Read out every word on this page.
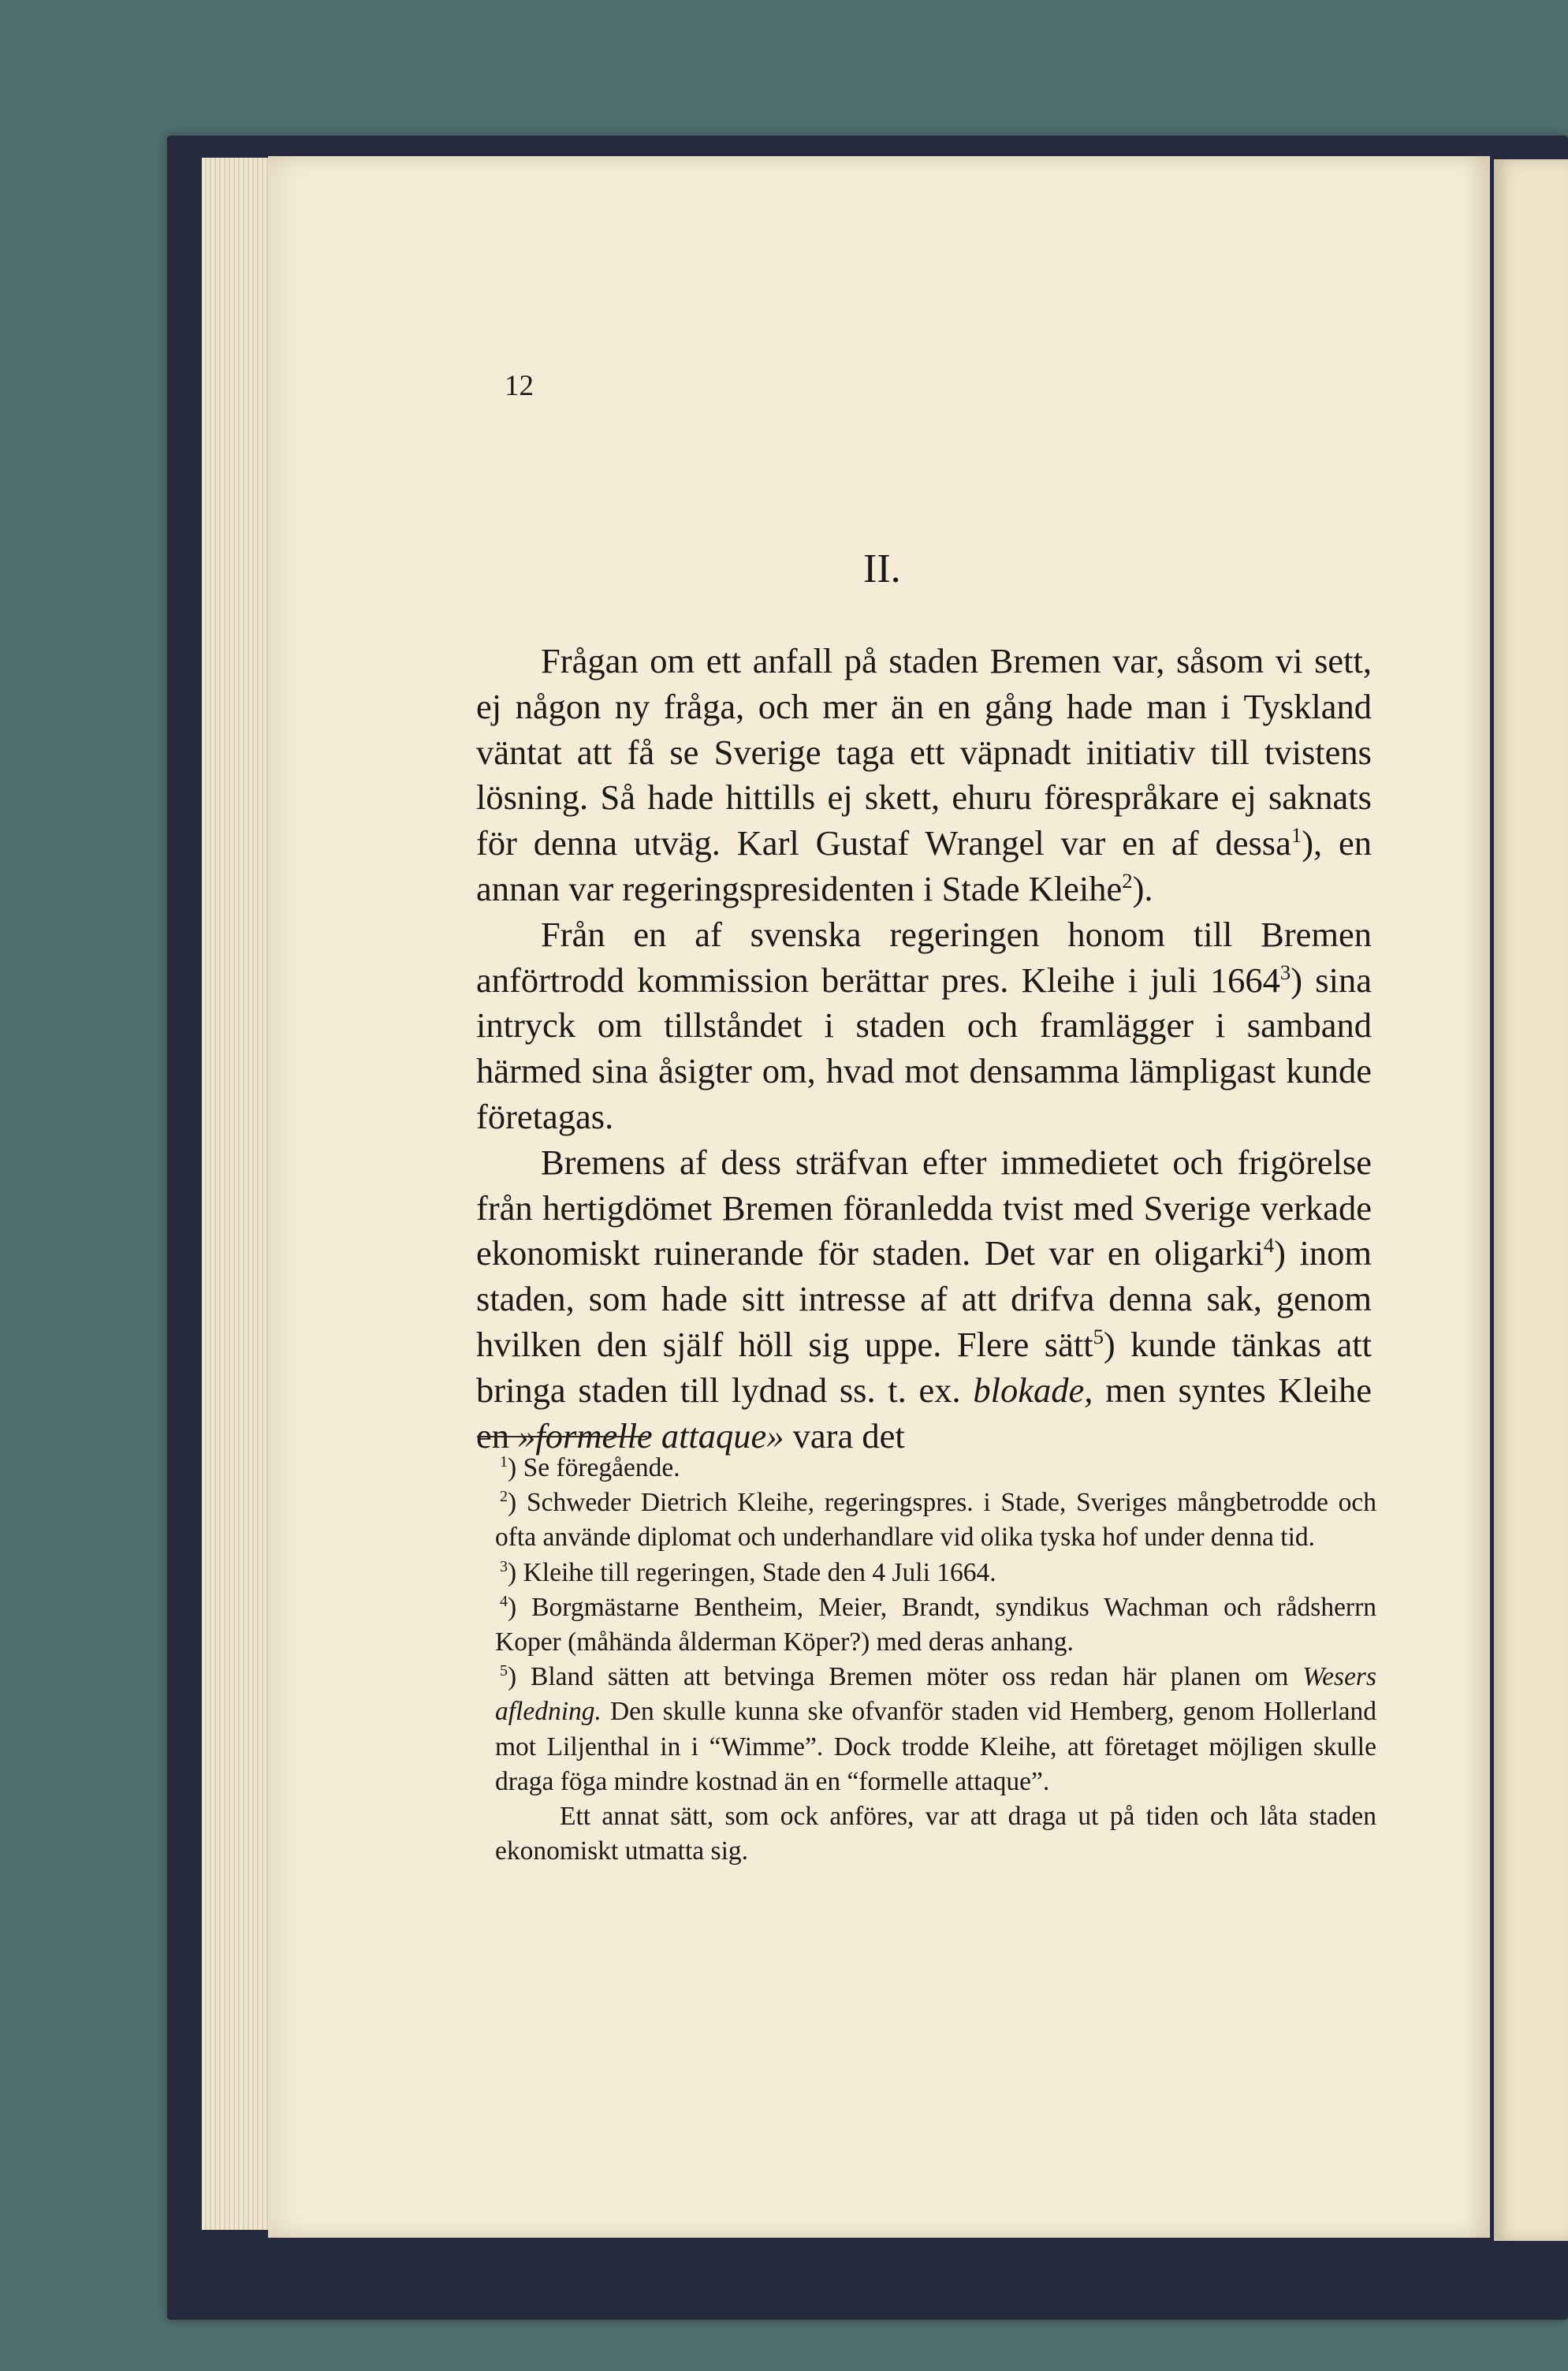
12
II.

Frågan om ett anfall på staden Bremen var, såsom vi sett, ej någon ny fråga, och mer än en gång hade man i Tyskland väntat att få se Sverige taga ett väpnadt initiativ till tvistens lösning. Så hade hittills ej skett, ehuru förespråkare ej saknats för denna utväg. Karl Gustaf Wrangel var en af dessa$^1$), en annan var regeringspresidenten i Stade Kleihe$^2$).

Från en af svenska regeringen honom till Bremen anförtrodd kommission berättar pres. Kleihe i juli 1664$^3$) sina intryck om tillståndet i staden och framlägger i samband härmed sina åsigter om, hvad mot densamma lämpligast kunde företagas.

Bremens af dess sträfvan efter immedietet och frigörelse från hertigdömet Bremen föranledda tvist med Sverige verkade ekonomiskt ruinerande för staden. Det var en oligarki$^4$) inom staden, som hade sitt intresse af att drifva denna sak, genom hvilken den själf höll sig uppe. Flere sätt$^5$) kunde tänkas att bringa staden till lydnad ss. t. ex. blokade, men syntes Kleihe en »formelle attaque» vara det

$^1$) Se föregående.

$^2$) Schweder Dietrich Kleihe, regeringspres. i Stade, Sveriges mångbetrodde och ofta använde diplomat och underhandlare vid olika tyska hof under denna tid.

$^3$) Kleihe till regeringen, Stade den 4 Juli 1664.

$^4$) Borgmästarne Bentheim, Meier, Brandt, syndikus Wachman och rådsherrn Koper (måhända ålderman Köper?) med deras anhang.

$^5$) Bland sätten att betvinga Bremen möter oss redan här planen om Wesers afledning. Den skulle kunna ske ofvanför staden vid Hemberg, genom Hollerland mot Liljenthal in i “Wimme”. Dock trodde Kleihe, att företaget möjligen skulle draga föga mindre kostnad än en “formelle attaque”.

Ett annat sätt, som ock anföres, var att draga ut på tiden och låta staden ekonomiskt utmatta sig.
